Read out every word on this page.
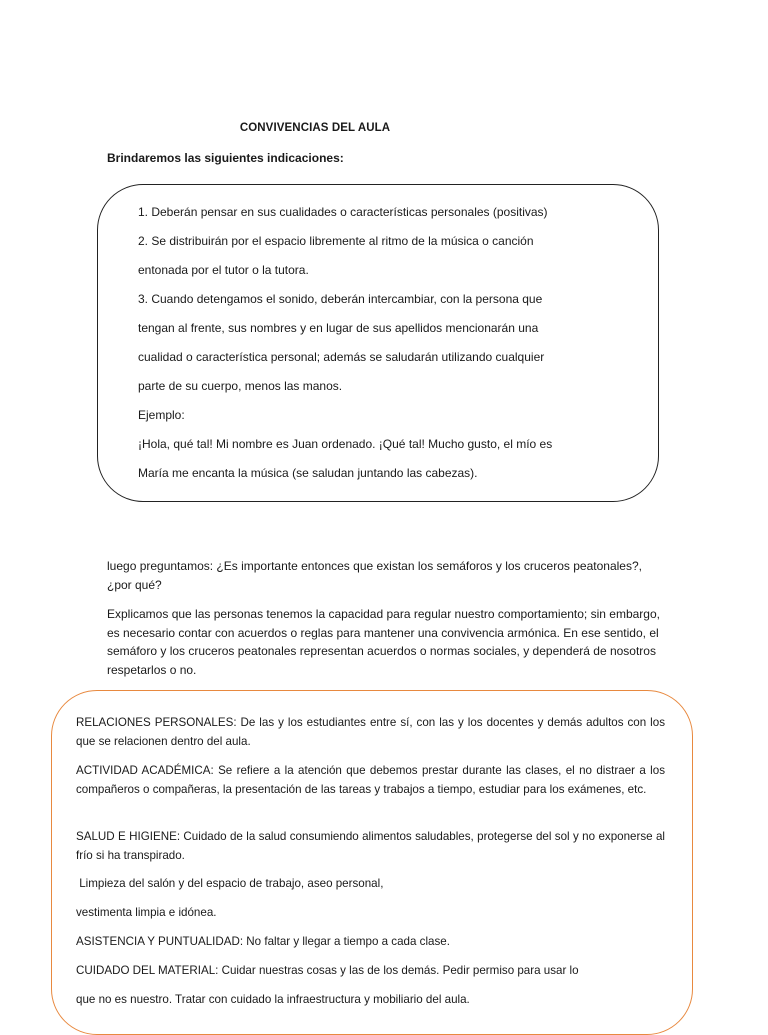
CONVIVENCIAS DEL AULA
Brindaremos las siguientes indicaciones:
1. Deberán pensar en sus cualidades o características personales (positivas)
2. Se distribuirán por el espacio libremente al ritmo de la música o canción
entonada por el tutor o la tutora.
3. Cuando detengamos el sonido, deberán intercambiar, con la persona que
tengan al frente, sus nombres y en lugar de sus apellidos mencionarán una
cualidad o característica personal; además se saludarán utilizando cualquier
parte de su cuerpo, menos las manos.
Ejemplo:
¡Hola, qué tal! Mi nombre es Juan ordenado. ¡Qué tal! Mucho gusto, el mío es
María me encanta la música (se saludan juntando las cabezas).
luego preguntamos: ¿Es importante entonces que existan los semáforos y los cruceros peatonales?, ¿por qué?
Explicamos que las personas tenemos la capacidad para regular nuestro comportamiento; sin embargo, es necesario contar con acuerdos o reglas para mantener una convivencia armónica. En ese sentido, el semáforo y los cruceros peatonales representan acuerdos o normas sociales, y dependerá de nosotros respetarlos o no.
RELACIONES PERSONALES: De las y los estudiantes entre sí, con las y los docentes y demás adultos con los que se relacionen dentro del aula.
ACTIVIDAD ACADÉMICA: Se refiere a la atención que debemos prestar durante las clases, el no distraer a los compañeros o compañeras, la presentación de las tareas y trabajos a tiempo, estudiar para los exámenes, etc.
SALUD E HIGIENE: Cuidado de la salud consumiendo alimentos saludables, protegerse del sol y no exponerse al frío si ha transpirado.
Limpieza del salón y del espacio de trabajo, aseo personal,
vestimenta limpia e idónea.
ASISTENCIA Y PUNTUALIDAD: No faltar y llegar a tiempo a cada clase.
CUIDADO DEL MATERIAL: Cuidar nuestras cosas y las de los demás. Pedir permiso para usar lo
que no es nuestro. Tratar con cuidado la infraestructura y mobiliario del aula.
